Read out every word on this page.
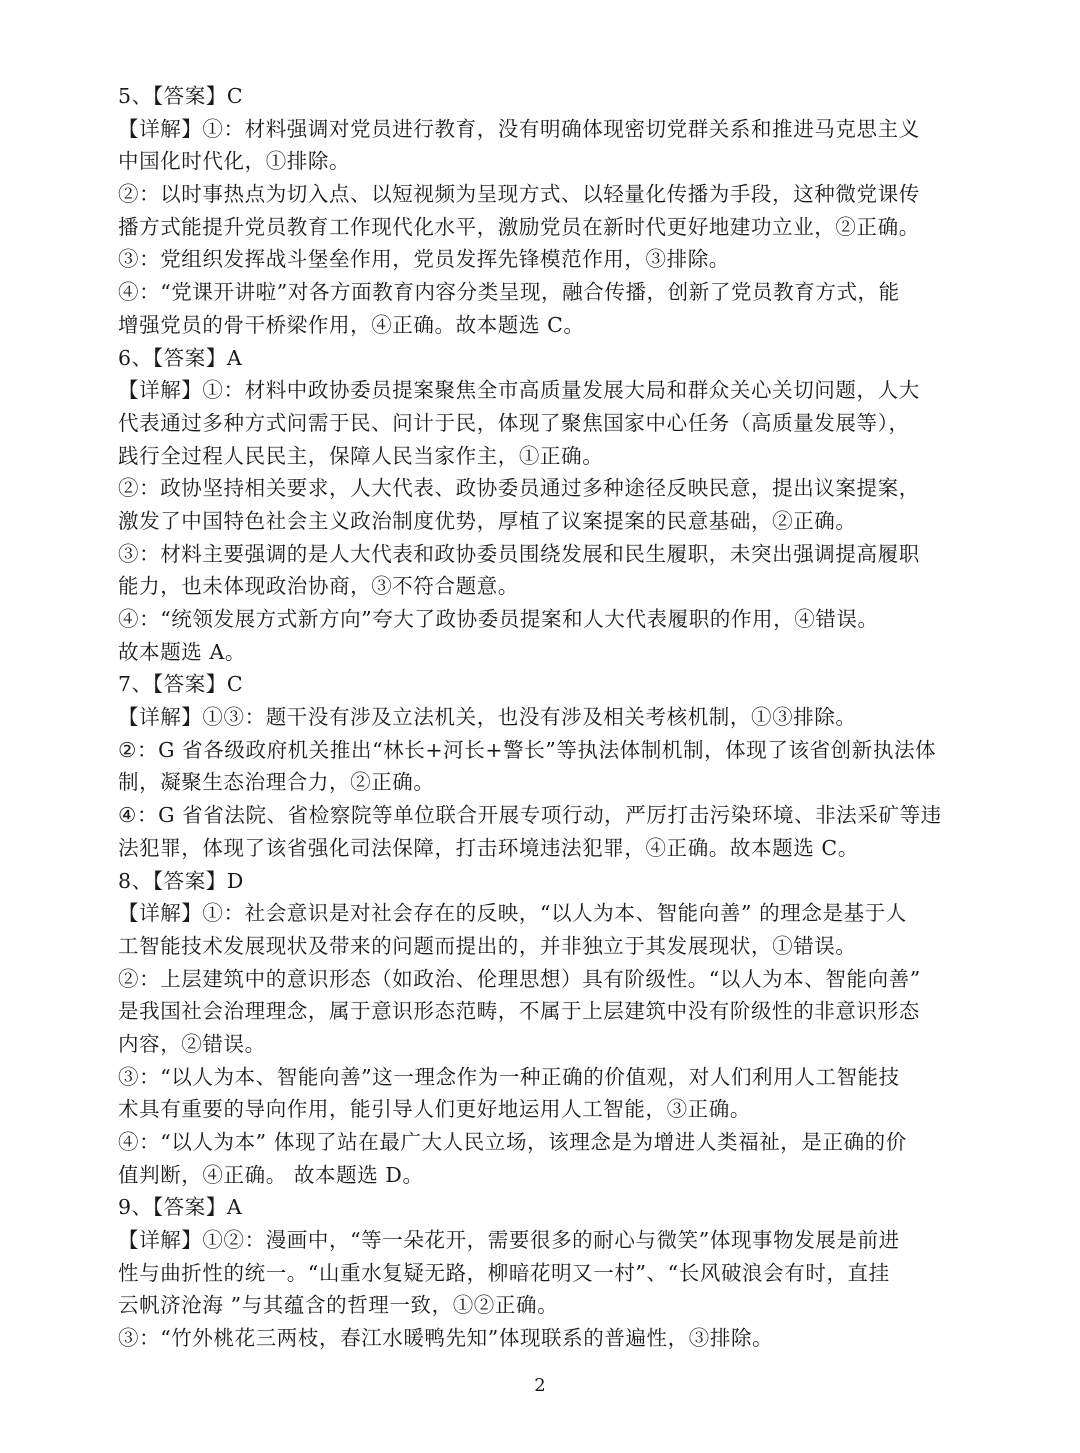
5、【答案】C
【详解】①：材料强调对党员进行教育，没有明确体现密切党群关系和推进马克思主义
中国化时代化，①排除。
②：以时事热点为切入点、以短视频为呈现方式、以轻量化传播为手段，这种微党课传
播方式能提升党员教育工作现代化水平，激励党员在新时代更好地建功立业，②正确。
③：党组织发挥战斗堡垒作用，党员发挥先锋模范作用，③排除。
④：“党课开讲啦”对各方面教育内容分类呈现，融合传播，创新了党员教育方式，能
增强党员的骨干桥梁作用，④正确。故本题选 C。
6、【答案】A
【详解】①：材料中政协委员提案聚焦全市高质量发展大局和群众关心关切问题，人大
代表通过多种方式问需于民、问计于民，体现了聚焦国家中心任务（高质量发展等），
践行全过程人民民主，保障人民当家作主，①正确。
②：政协坚持相关要求，人大代表、政协委员通过多种途径反映民意，提出议案提案，
激发了中国特色社会主义政治制度优势，厚植了议案提案的民意基础，②正确。
③：材料主要强调的是人大代表和政协委员围绕发展和民生履职，未突出强调提高履职
能力，也未体现政治协商，③不符合题意。
④：“统领发展方式新方向”夸大了政协委员提案和人大代表履职的作用，④错误。
故本题选 A。
7、【答案】C
【详解】①③：题干没有涉及立法机关，也没有涉及相关考核机制，①③排除。
②：G 省各级政府机关推出“林长+河长+警长”等执法体制机制，体现了该省创新执法体
制，凝聚生态治理合力，②正确。
④：G 省省法院、省检察院等单位联合开展专项行动，严厉打击污染环境、非法采矿等违
法犯罪，体现了该省强化司法保障，打击环境违法犯罪，④正确。故本题选 C。
8、【答案】D
【详解】①：社会意识是对社会存在的反映，“以人为本、智能向善” 的理念是基于人
工智能技术发展现状及带来的问题而提出的，并非独立于其发展现状，①错误。
②：上层建筑中的意识形态（如政治、伦理思想）具有阶级性。“以人为本、智能向善”
是我国社会治理理念，属于意识形态范畴，不属于上层建筑中没有阶级性的非意识形态
内容，②错误。
③：“以人为本、智能向善”这一理念作为一种正确的价值观，对人们利用人工智能技
术具有重要的导向作用，能引导人们更好地运用人工智能，③正确。
④：“以人为本” 体现了站在最广大人民立场，该理念是为增进人类福祉，是正确的价
值判断，④正确。 故本题选 D。
9、【答案】A
【详解】①②：漫画中，“等一朵花开，需要很多的耐心与微笑”体现事物发展是前进
性与曲折性的统一。“山重水复疑无路，柳暗花明又一村”、“长风破浪会有时，直挂
云帆济沧海 ”与其蕴含的哲理一致，①②正确。
③：“竹外桃花三两枝，春江水暖鸭先知”体现联系的普遍性，③排除。
2
